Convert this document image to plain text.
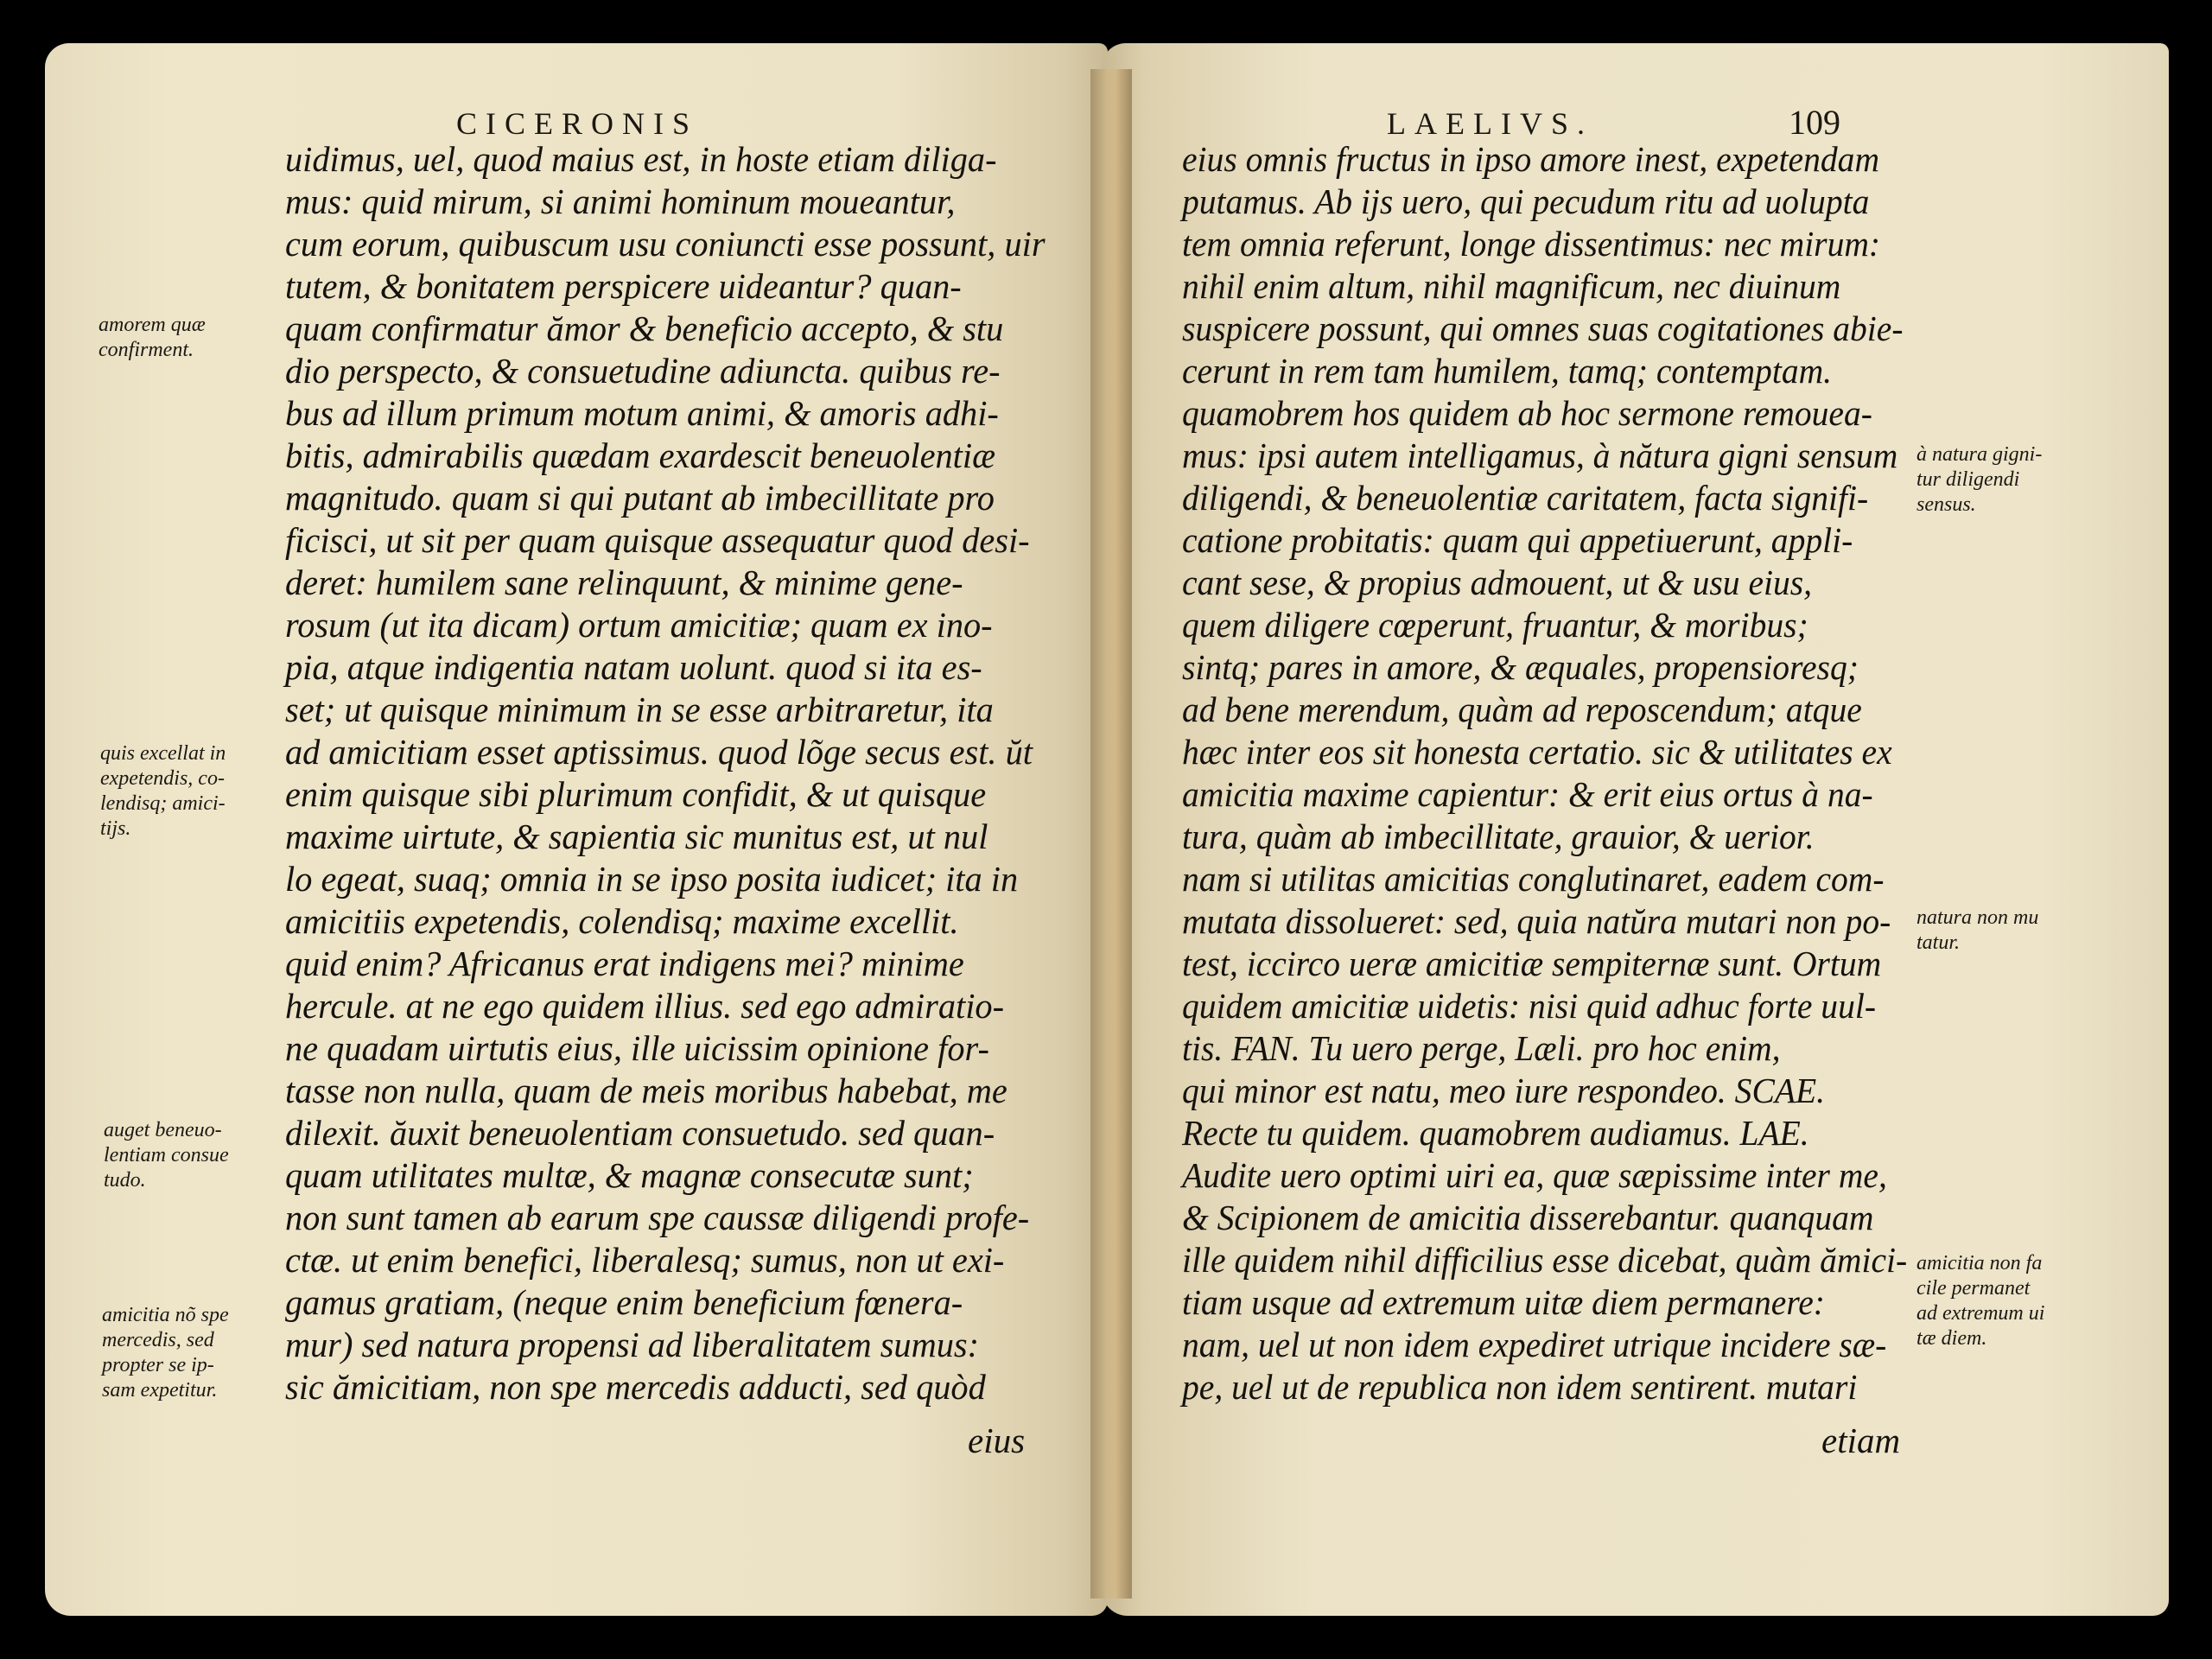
CICERONIS	LAELIVS.	109
uidimus, uel, quod maius est, in hoste etiam diliga-
mus: quid mirum, si animi hominum moueantur,
cum eorum, quibuscum usu coniuncti esse possunt, uir
tutem, & bonitatem perspicere uideantur? quan-
quam confirmatur ămor & beneficio accepto, & stu
dio perspecto, & consuetudine adiuncta. quibus re-
bus ad illum primum motum animi, & amoris adhi-
bitis, admirabilis quædam exardescit beneuolentiæ
magnitudo. quam si qui putant ab imbecillitate pro
ficisci, ut sit per quam quisque assequatur quod desi-
deret: humilem sane relinquunt, & minime gene-
rosum (ut ita dicam) ortum amicitiæ; quam ex ino-
pia, atque indigentia natam uolunt. quod si ita es-
set; ut quisque minimum in se esse arbitraretur, ita
ad amicitiam esset aptissimus. quod lõge secus est. ŭt
enim quisque sibi plurimum confidit, & ut quisque
maxime uirtute, & sapientia sic munitus est, ut nul
lo egeat, suaq; omnia in se ipso posita iudicet; ita in
amicitiis expetendis, colendisq; maxime excellit.
quid enim? Africanus erat indigens mei? minime
hercule. at ne ego quidem illius. sed ego admiratio-
ne quadam uirtutis eius, ille uicissim opinione for-
tasse non nulla, quam de meis moribus habebat, me
dilexit. ăuxit beneuolentiam consuetudo. sed quan-
quam utilitates multæ, & magnæ consecutæ sunt;
non sunt tamen ab earum spe caussæ diligendi profe-
ctæ. ut enim benefici, liberalesq; sumus, non ut exi-
gamus gratiam, (neque enim beneficium fœnera-
mur) sed natura propensi ad liberalitatem sumus:
sic ămicitiam, non spe mercedis adducti, sed quòd
eius
amorem quæ
confirment.
quis excellat in
expetendis, co-
lendisq; amici-
tijs.
auget beneuo-
lentiam consue
tudo.
amicitia nõ spe
mercedis, sed
propter se ip-
sam expetitur.
eius omnis fructus in ipso amore inest, expetendam
putamus. Ab ijs uero, qui pecudum ritu ad uolupta
tem omnia referunt, longe dissentimus: nec mirum:
nihil enim altum, nihil magnificum, nec diuinum
suspicere possunt, qui omnes suas cogitationes abie-
cerunt in rem tam humilem, tamq; contemptam.
quamobrem hos quidem ab hoc sermone remouea-
mus: ipsi autem intelligamus, à nătura gigni sensum
diligendi, & beneuolentiæ caritatem, facta signifi-
catione probitatis: quam qui appetiuerunt, appli-
cant sese, & propius admouent, ut & usu eius,
quem diligere cœperunt, fruantur, & moribus;
sintq; pares in amore, & æquales, propensioresq;
ad bene merendum, quàm ad reposcendum; atque
hæc inter eos sit honesta certatio. sic & utilitates ex
amicitia maxime capientur: & erit eius ortus à na-
tura, quàm ab imbecillitate, grauior, & uerior.
nam si utilitas amicitias conglutinaret, eadem com-
mutata dissolueret: sed, quia natŭra mutari non po-
test, iccirco ueræ amicitiæ sempiternæ sunt. Ortum
quidem amicitiæ uidetis: nisi quid adhuc forte uul-
tis. FAN. Tu uero perge, Læli. pro hoc enim,
qui minor est natu, meo iure respondeo. SCAE.
Recte tu quidem. quamobrem audiamus. LAE.
Audite uero optimi uiri ea, quæ sæpissime inter me,
& Scipionem de amicitia disserebantur. quanquam
ille quidem nihil difficilius esse dicebat, quàm ămici-
tiam usque ad extremum uitæ diem permanere:
nam, uel ut non idem expediret utrique incidere sæ-
pe, uel ut de republica non idem sentirent. mutari
etiam
à natura gigni-
tur diligendi
sensus.
natura non mu
tatur.
amicitia non fa
cile permanet
ad extremum ui
tæ diem.
